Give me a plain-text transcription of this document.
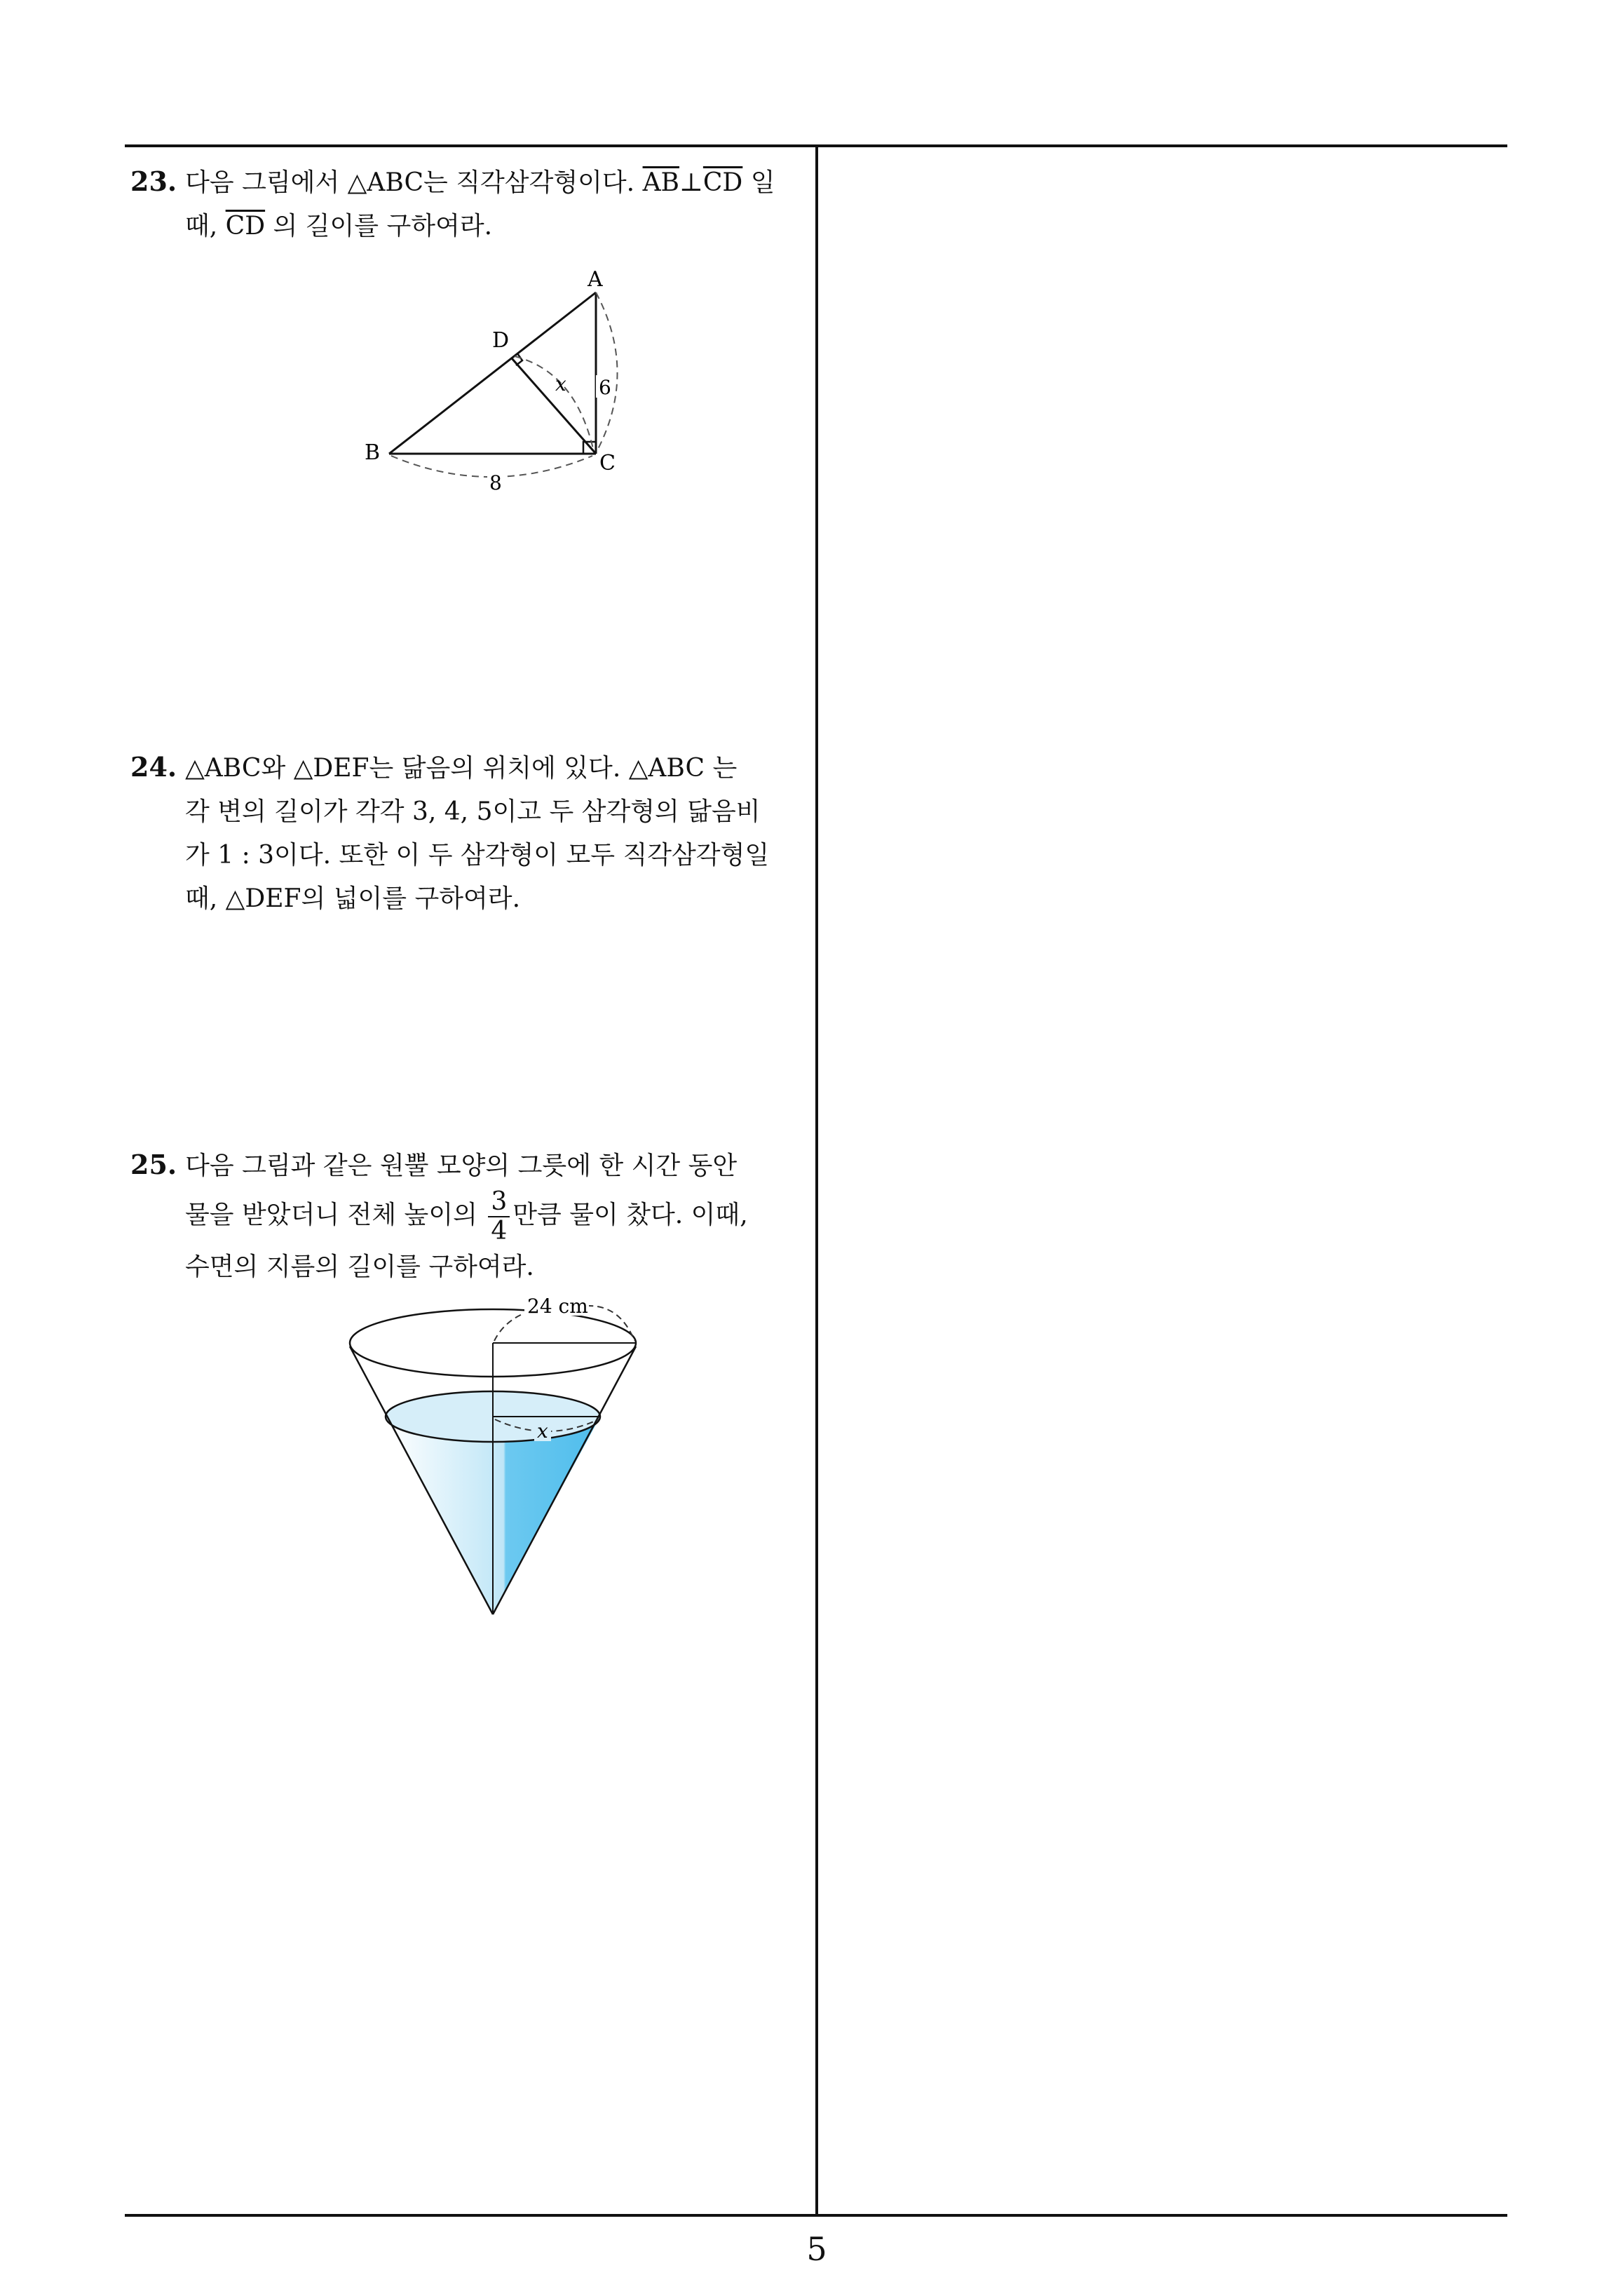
23. 다음 그림에서 △ABC는 직각삼각형이다. $\overline{AB}\perp\overline{CD}$ 일
때, $\overline{CD}$ 의 길이를 구하여라.
A
B	C
D
x 6
8
24. △ABC와 △DEF는 닮음의 위치에 있다. △ABC 는
각 변의 길이가 각각 3, 4, 5이고 두 삼각형의 닮음비
가 1 : 3이다. 또한 이 두 삼각형이 모두 직각삼각형일
때, △DEF의 넓이를 구하여라.
25. 다음 그림과 같은 원뿔 모양의 그릇에 한 시간 동안
물을 받았더니 전체 높이의 $\frac{3}{4}$ 만큼 물이 찼다. 이때,
수면의 지름의 길이를 구하여라.
24 cm
x
5
